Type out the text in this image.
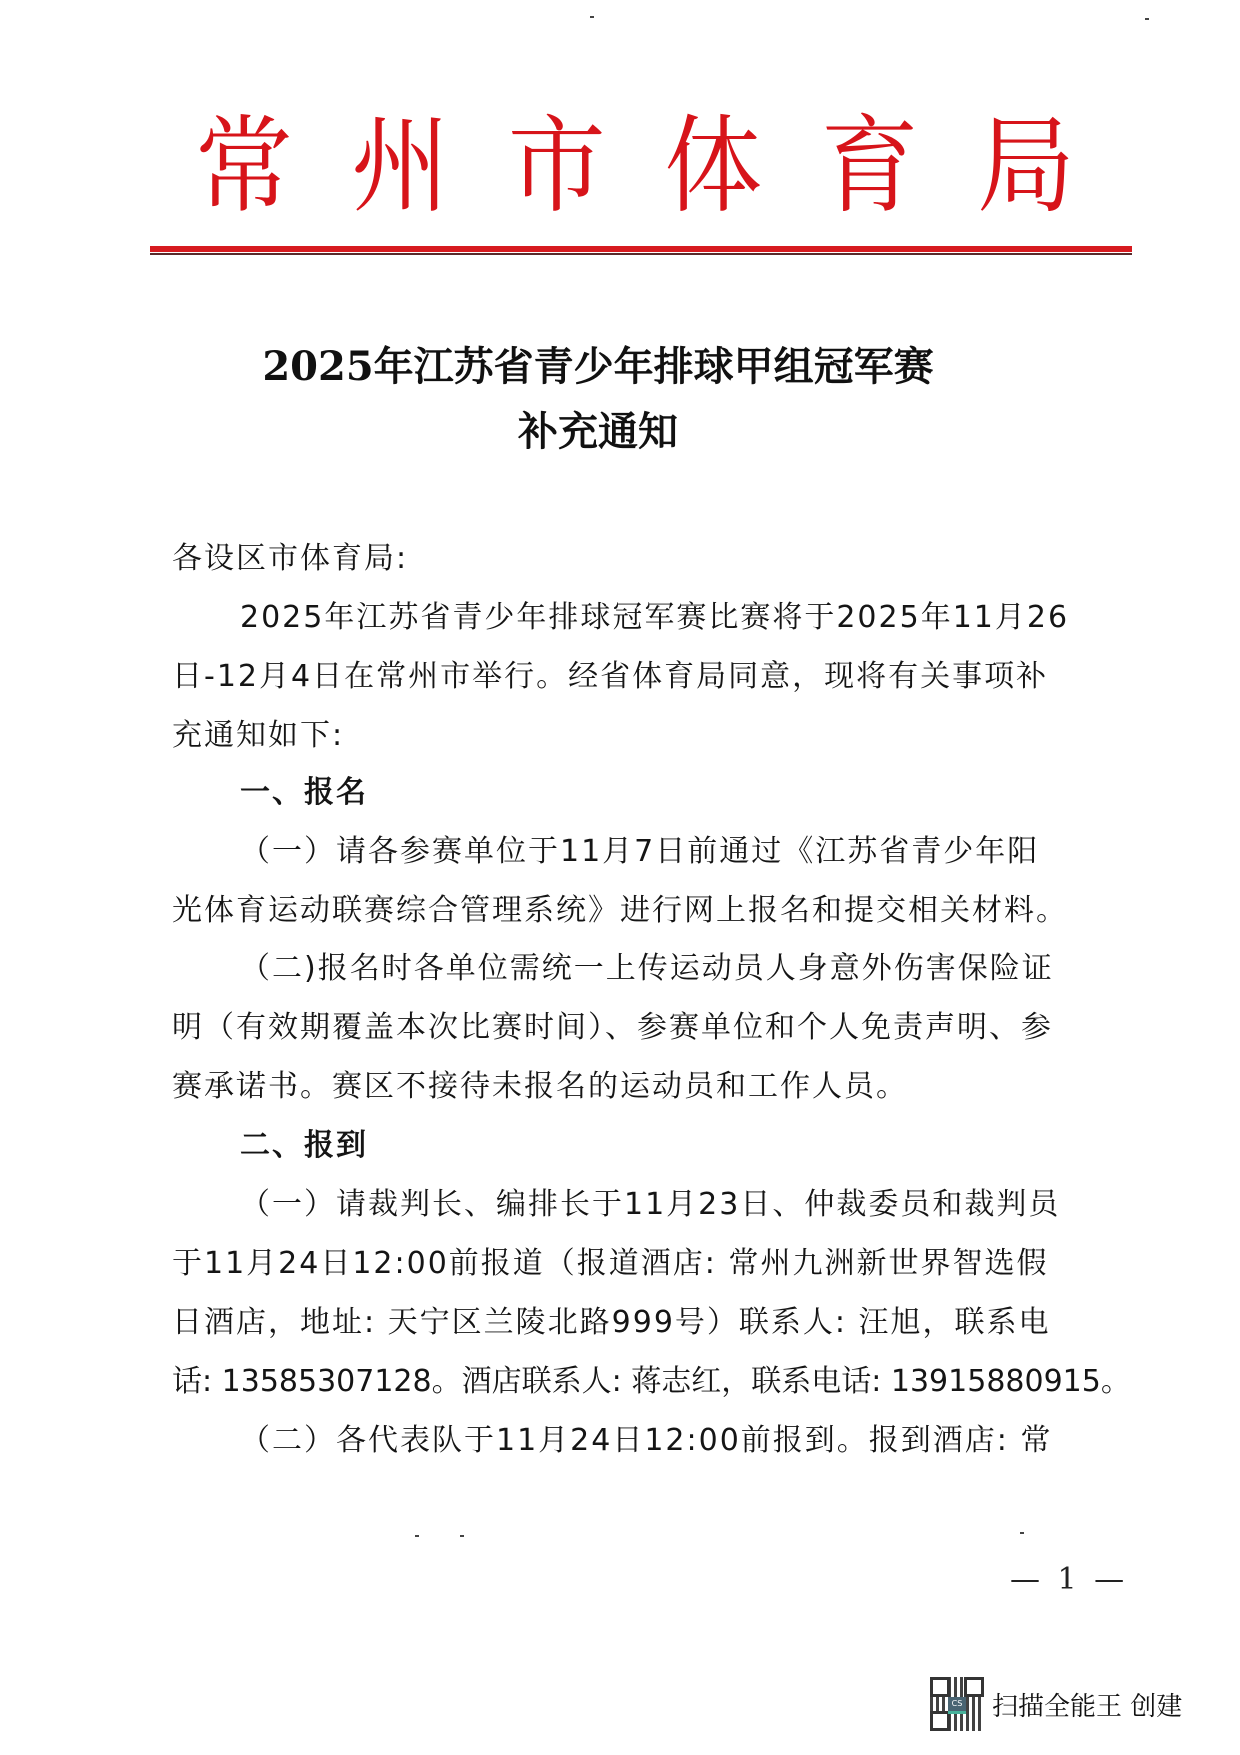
常 州 市 体 育 局
2025年江苏省青少年排球甲组冠军赛
补充通知
各设区市体育局:
2025年江苏省青少年排球冠军赛比赛将于2025年11月26
日-12月4日在常州市举行。经省体育局同意，现将有关事项补
充通知如下:
一、报名
（一）请各参赛单位于11月7日前通过《江苏省青少年阳
光体育运动联赛综合管理系统》进行网上报名和提交相关材料。
（二)报名时各单位需统一上传运动员人身意外伤害保险证
明（有效期覆盖本次比赛时间）、参赛单位和个人免责声明、参
赛承诺书。赛区不接待未报名的运动员和工作人员。
二、报到
（一）请裁判长、编排长于11月23日、仲裁委员和裁判员
于11月24日12:00前报道（报道酒店: 常州九洲新世界智选假
日酒店，地址: 天宁区兰陵北路999号）联系人: 汪旭，联系电
话: 13585307128。酒店联系人: 蒋志红，联系电话: 13915880915。
（二）各代表队于11月24日12:00前报到。报到酒店: 常
— 1 —
CS 扫描全能王 创建
